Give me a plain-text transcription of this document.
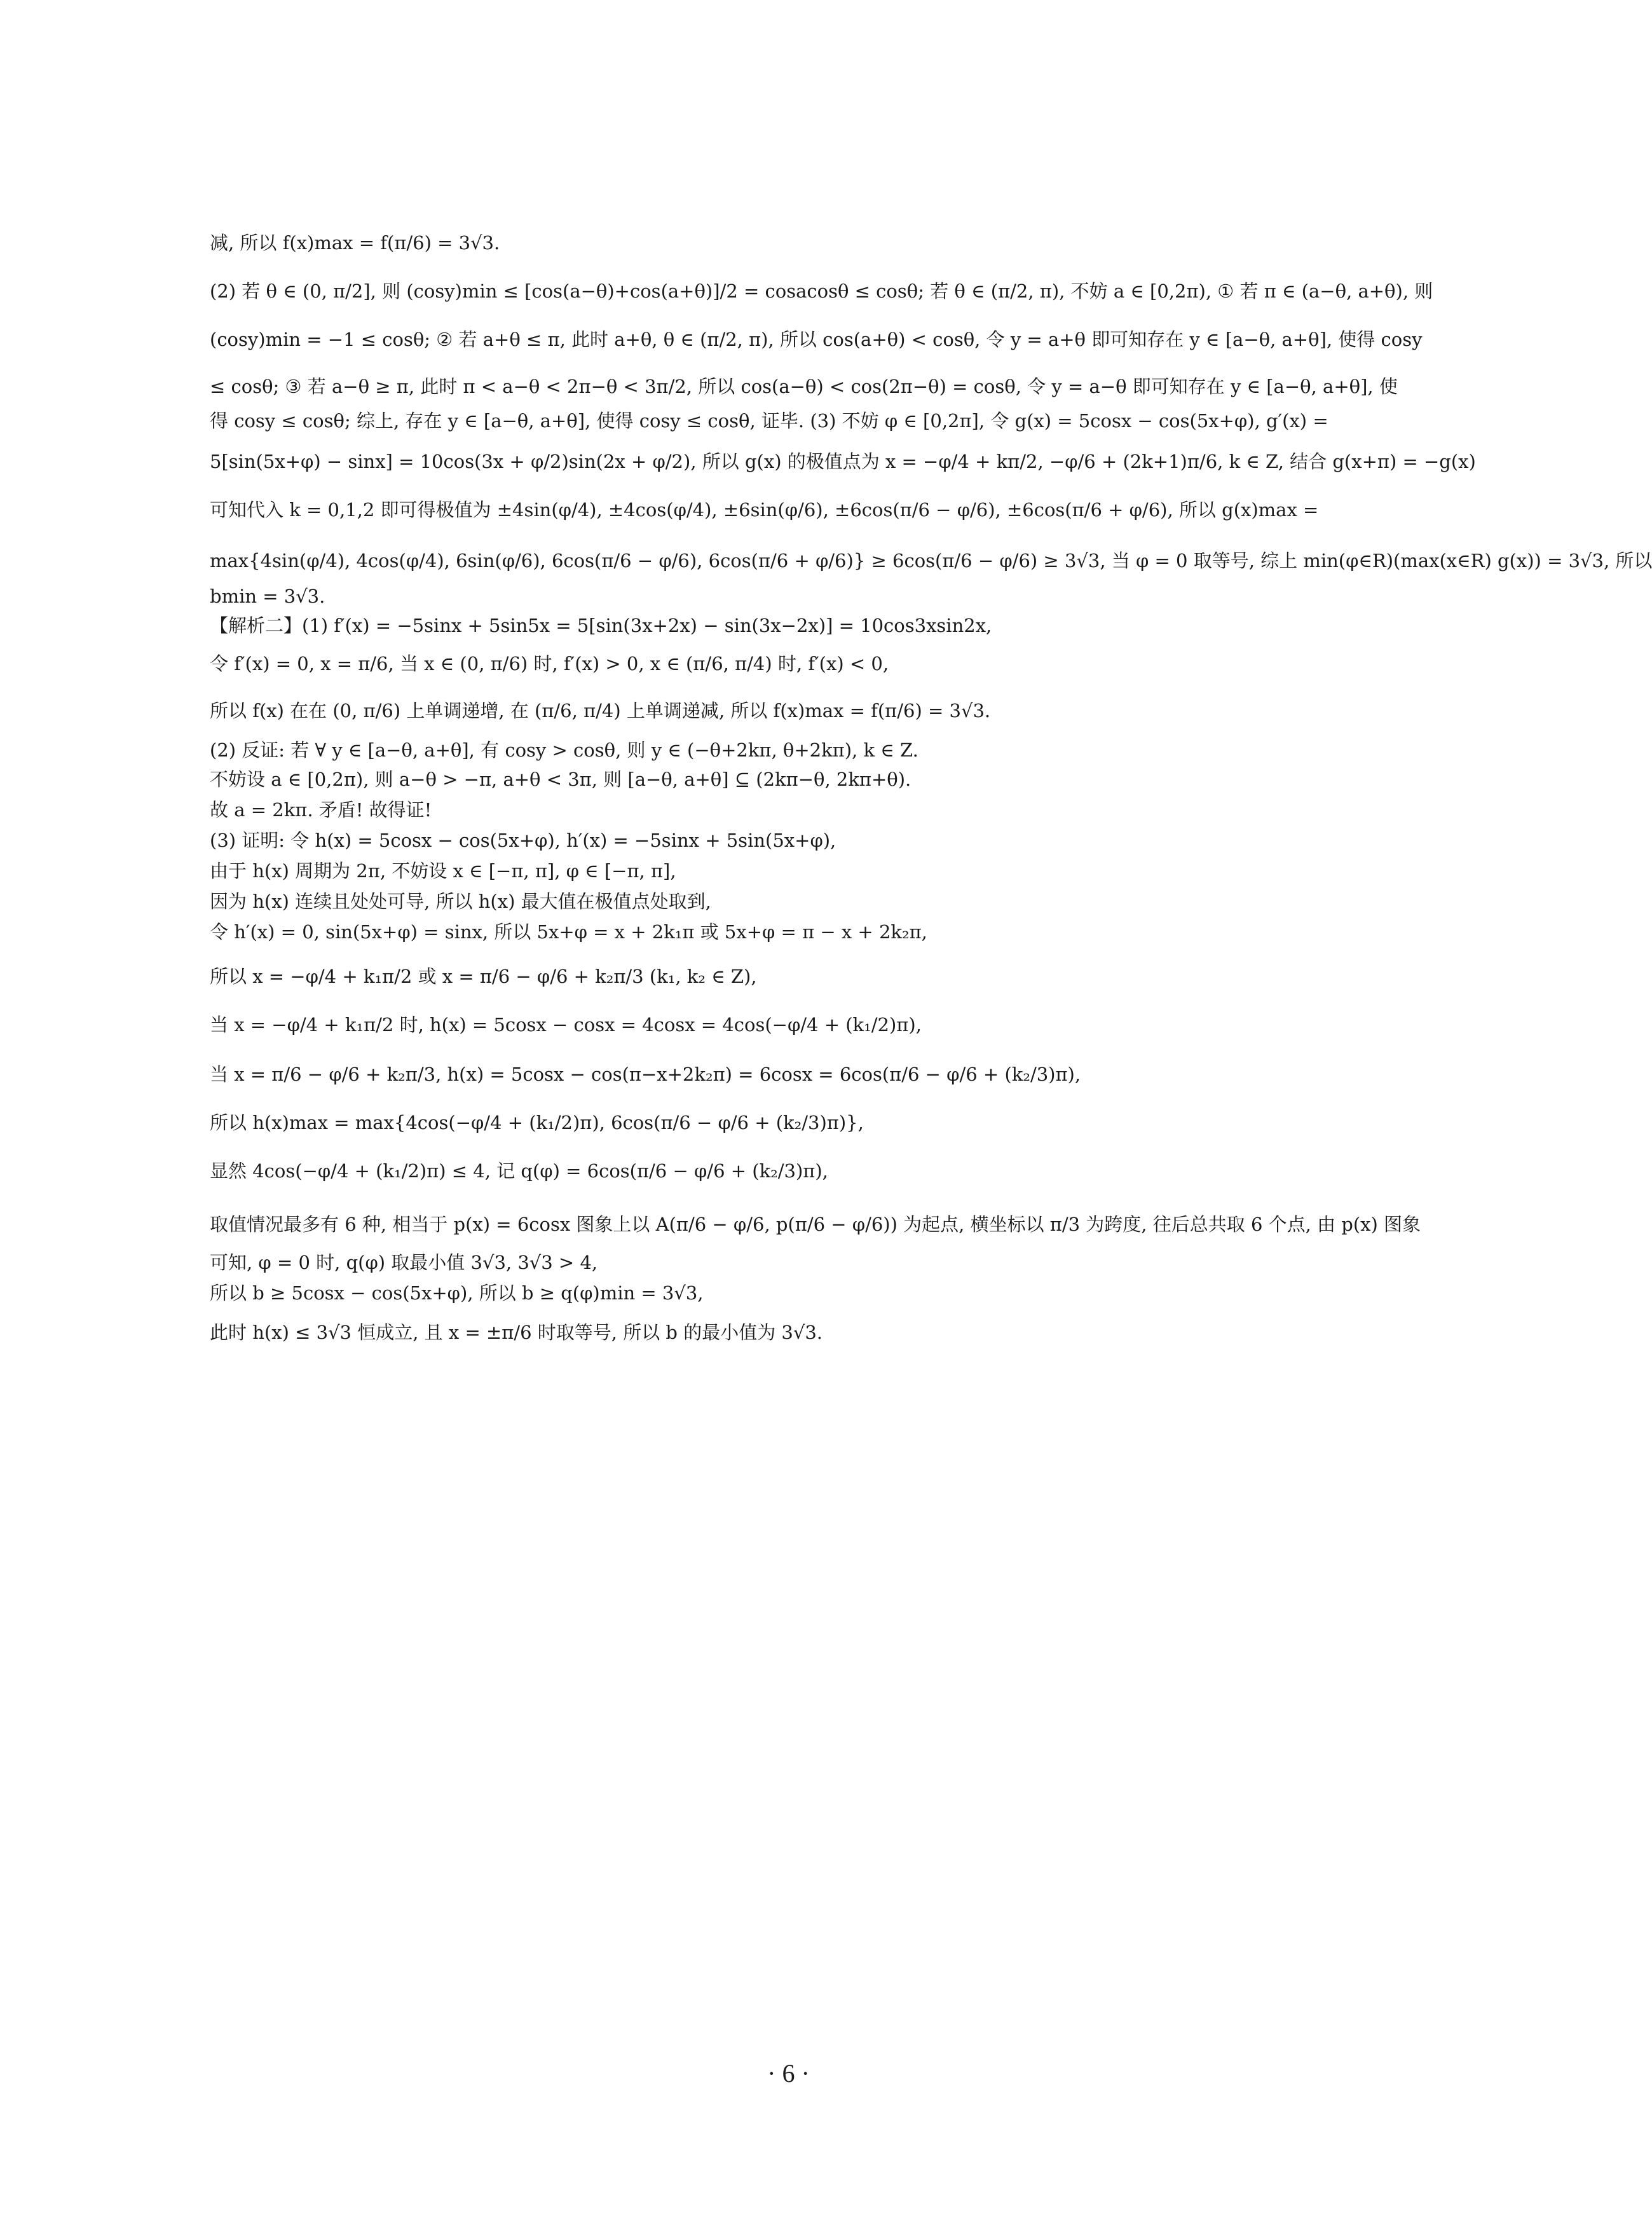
减, 所以 f(x)max = f(π/6) = 3√3.
(2) 若 θ ∈ (0, π/2], 则 (cosy)min ≤ [cos(a−θ)+cos(a+θ)]/2 = cosacosθ ≤ cosθ; 若 θ ∈ (π/2, π), 不妨 a ∈ [0,2π), ① 若 π ∈ (a−θ, a+θ), 则
(cosy)min = −1 ≤ cosθ; ② 若 a+θ ≤ π, 此时 a+θ, θ ∈ (π/2, π), 所以 cos(a+θ) < cosθ, 令 y = a+θ 即可知存在 y ∈ [a−θ, a+θ], 使得 cosy
≤ cosθ; ③ 若 a−θ ≥ π, 此时 π < a−θ < 2π−θ < 3π/2, 所以 cos(a−θ) < cos(2π−θ) = cosθ, 令 y = a−θ 即可知存在 y ∈ [a−θ, a+θ], 使
得 cosy ≤ cosθ; 综上, 存在 y ∈ [a−θ, a+θ], 使得 cosy ≤ cosθ, 证毕. (3) 不妨 φ ∈ [0,2π], 令 g(x) = 5cosx − cos(5x+φ), g′(x) =
5[sin(5x+φ) − sinx] = 10cos(3x + φ/2)sin(2x + φ/2), 所以 g(x) 的极值点为 x = −φ/4 + kπ/2, −φ/6 + (2k+1)π/6, k ∈ Z, 结合 g(x+π) = −g(x)
可知代入 k = 0,1,2 即可得极值为 ±4sin(φ/4), ±4cos(φ/4), ±6sin(φ/6), ±6cos(π/6 − φ/6), ±6cos(π/6 + φ/6), 所以 g(x)max =
max{4sin(φ/4), 4cos(φ/4), 6sin(φ/6), 6cos(π/6 − φ/6), 6cos(π/6 + φ/6)} ≥ 6cos(π/6 − φ/6) ≥ 3√3, 当 φ = 0 取等号, 综上 min(φ∈R)(max(x∈R) g(x)) = 3√3, 所以
bmin = 3√3.
【解析二】(1) f′(x) = −5sinx + 5sin5x = 5[sin(3x+2x) − sin(3x−2x)] = 10cos3xsin2x,
令 f′(x) = 0, x = π/6, 当 x ∈ (0, π/6) 时, f′(x) > 0, x ∈ (π/6, π/4) 时, f′(x) < 0,
所以 f(x) 在在 (0, π/6) 上单调递增, 在 (π/6, π/4) 上单调递减, 所以 f(x)max = f(π/6) = 3√3.
(2) 反证: 若 ∀ y ∈ [a−θ, a+θ], 有 cosy > cosθ, 则 y ∈ (−θ+2kπ, θ+2kπ), k ∈ Z.
不妨设 a ∈ [0,2π), 则 a−θ > −π, a+θ < 3π, 则 [a−θ, a+θ] ⊆ (2kπ−θ, 2kπ+θ).
故 a = 2kπ. 矛盾! 故得证!
(3) 证明: 令 h(x) = 5cosx − cos(5x+φ), h′(x) = −5sinx + 5sin(5x+φ),
由于 h(x) 周期为 2π, 不妨设 x ∈ [−π, π], φ ∈ [−π, π],
因为 h(x) 连续且处处可导, 所以 h(x) 最大值在极值点处取到,
令 h′(x) = 0, sin(5x+φ) = sinx, 所以 5x+φ = x + 2k₁π 或 5x+φ = π − x + 2k₂π,
所以 x = −φ/4 + k₁π/2 或 x = π/6 − φ/6 + k₂π/3 (k₁, k₂ ∈ Z),
当 x = −φ/4 + k₁π/2 时, h(x) = 5cosx − cosx = 4cosx = 4cos(−φ/4 + (k₁/2)π),
当 x = π/6 − φ/6 + k₂π/3, h(x) = 5cosx − cos(π−x+2k₂π) = 6cosx = 6cos(π/6 − φ/6 + (k₂/3)π),
所以 h(x)max = max{4cos(−φ/4 + (k₁/2)π), 6cos(π/6 − φ/6 + (k₂/3)π)},
显然 4cos(−φ/4 + (k₁/2)π) ≤ 4, 记 q(φ) = 6cos(π/6 − φ/6 + (k₂/3)π),
取值情况最多有 6 种, 相当于 p(x) = 6cosx 图象上以 A(π/6 − φ/6, p(π/6 − φ/6)) 为起点, 横坐标以 π/3 为跨度, 往后总共取 6 个点, 由 p(x) 图象
可知, φ = 0 时, q(φ) 取最小值 3√3, 3√3 > 4,
所以 b ≥ 5cosx − cos(5x+φ), 所以 b ≥ q(φ)min = 3√3,
此时 h(x) ≤ 3√3 恒成立, 且 x = ±π/6 时取等号, 所以 b 的最小值为 3√3.
· 6 ·
